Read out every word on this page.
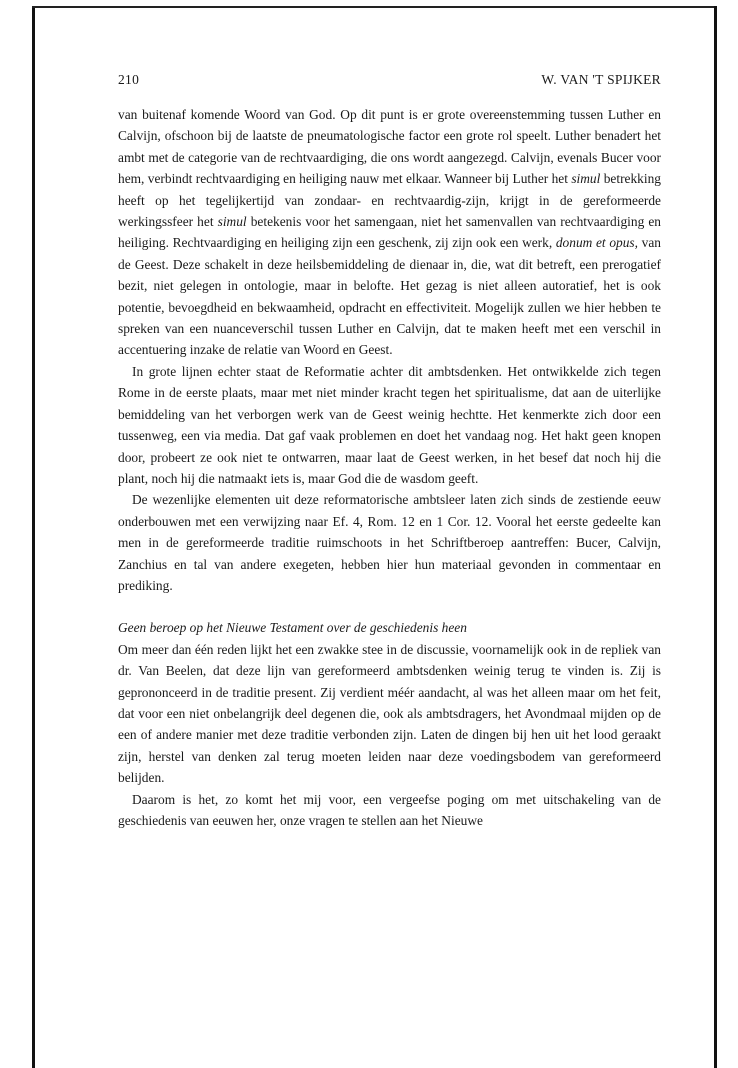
210	W. VAN 'T SPIJKER

van buitenaf komende Woord van God. Op dit punt is er grote overeenstemming tussen Luther en Calvijn, ofschoon bij de laatste de pneumatologische factor een grote rol speelt. Luther benadert het ambt met de categorie van de rechtvaardiging, die ons wordt aangezegd. Calvijn, evenals Bucer voor hem, verbindt rechtvaardiging en heiliging nauw met elkaar. Wanneer bij Luther het simul betrekking heeft op het tegelijkertijd van zondaar- en rechtvaardig-zijn, krijgt in de gereformeerde werkingssfeer het simul betekenis voor het samengaan, niet het samenvallen van rechtvaardiging en heiliging. Rechtvaardiging en heiliging zijn een geschenk, zij zijn ook een werk, donum et opus, van de Geest. Deze schakelt in deze heilsbemiddeling de dienaar in, die, wat dit betreft, een prerogatief bezit, niet gelegen in ontologie, maar in belofte. Het gezag is niet alleen autoratief, het is ook potentie, bevoegdheid en bekwaamheid, opdracht en effectiviteit. Mogelijk zullen we hier hebben te spreken van een nuanceverschil tussen Luther en Calvijn, dat te maken heeft met een verschil in accentuering inzake de relatie van Woord en Geest.

In grote lijnen echter staat de Reformatie achter dit ambtsdenken. Het ontwikkelde zich tegen Rome in de eerste plaats, maar met niet minder kracht tegen het spiritualisme, dat aan de uiterlijke bemiddeling van het verborgen werk van de Geest weinig hechtte. Het kenmerkte zich door een tussenweg, een via media. Dat gaf vaak problemen en doet het vandaag nog. Het hakt geen knopen door, probeert ze ook niet te ontwarren, maar laat de Geest werken, in het besef dat noch hij die plant, noch hij die natmaakt iets is, maar God die de wasdom geeft.

De wezenlijke elementen uit deze reformatorische ambtsleer laten zich sinds de zestiende eeuw onderbouwen met een verwijzing naar Ef. 4, Rom. 12 en 1 Cor. 12. Vooral het eerste gedeelte kan men in de gereformeerde traditie ruimschoots in het Schriftberoep aantreffen: Bucer, Calvijn, Zanchius en tal van andere exegeten, hebben hier hun materiaal gevonden in commentaar en prediking.

Geen beroep op het Nieuwe Testament over de geschiedenis heen

Om meer dan één reden lijkt het een zwakke stee in de discussie, voornamelijk ook in de repliek van dr. Van Beelen, dat deze lijn van gereformeerd ambtsdenken weinig terug te vinden is. Zij is geprononceerd in de traditie present. Zij verdient méér aandacht, al was het alleen maar om het feit, dat voor een niet onbelangrijk deel degenen die, ook als ambtsdragers, het Avondmaal mijden op de een of andere manier met deze traditie verbonden zijn. Laten de dingen bij hen uit het lood geraakt zijn, herstel van denken zal terug moeten leiden naar deze voedingsbodem van gereformeerd belijden.

Daarom is het, zo komt het mij voor, een vergeefse poging om met uitschakeling van de geschiedenis van eeuwen her, onze vragen te stellen aan het Nieuwe
